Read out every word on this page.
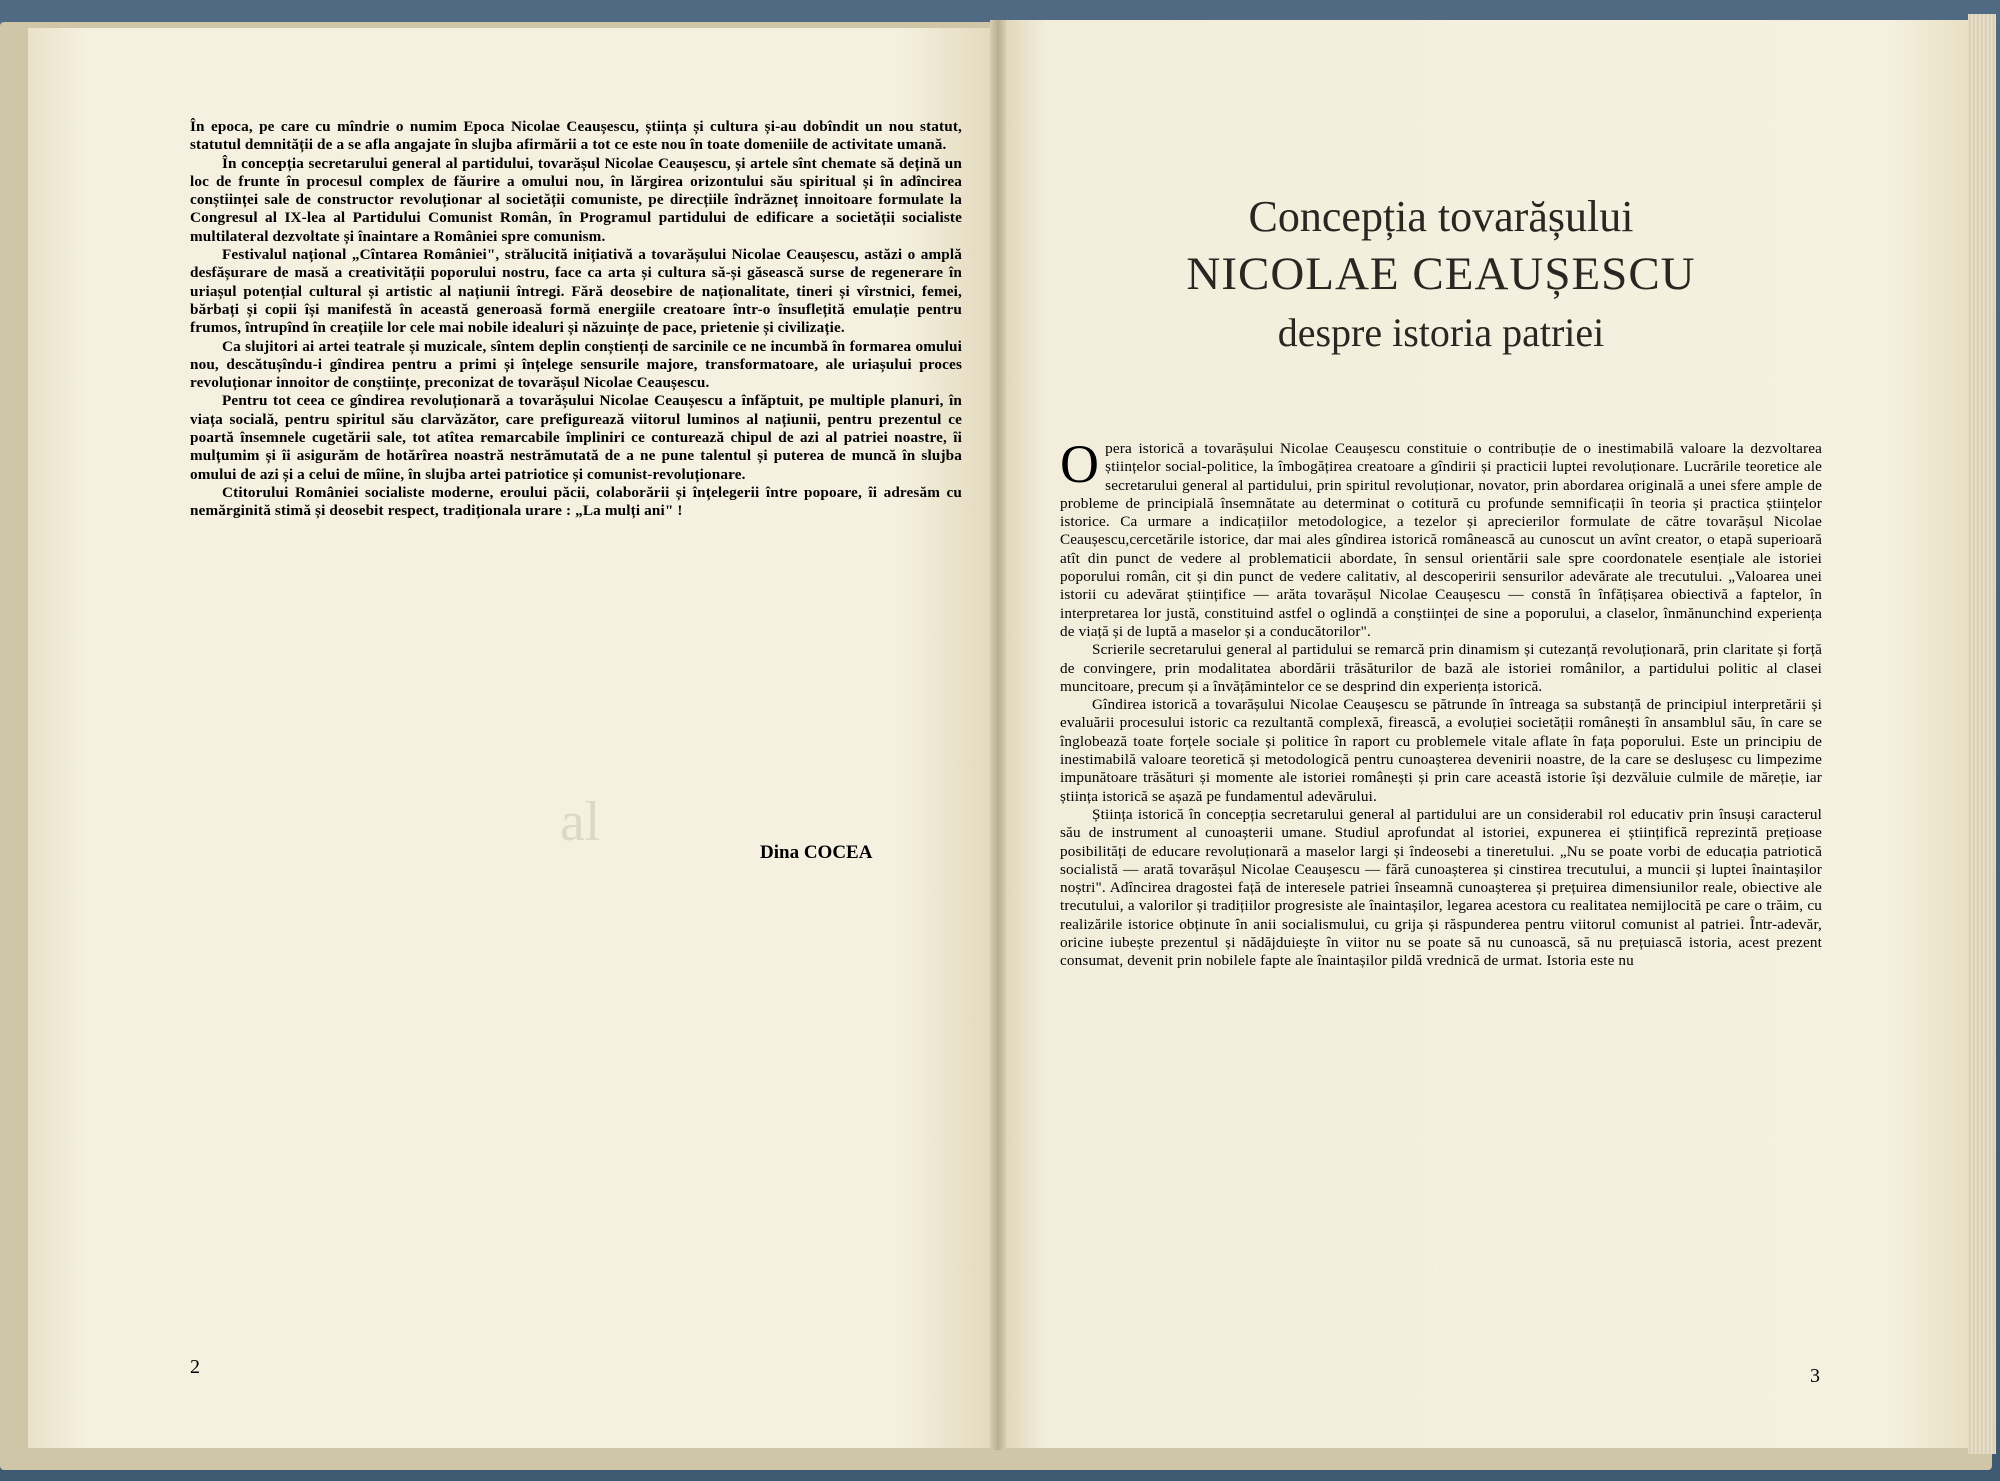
În epoca, pe care cu mîndrie o numim Epoca Nicolae Ceaușescu, știința și cultura și-au dobîndit un nou statut, statutul demnității de a se afla angajate în slujba afirmării a tot ce este nou în toate domeniile de activitate umană.

În concepția secretarului general al partidului, tovarășul Nicolae Ceaușescu, și artele sînt chemate să dețină un loc de frunte în procesul complex de făurire a omului nou, în lărgirea orizontului său spiritual și în adîncirea conștiinței sale de constructor revoluționar al societății comuniste, pe direcțiile îndrăzneț innoitoare formulate la Congresul al IX-lea al Partidului Comunist Român, în Programul partidului de edificare a societății socialiste multilateral dezvoltate și înaintare a României spre comunism.

Festivalul național „Cîntarea României", strălucită inițiativă a tovarășului Nicolae Ceaușescu, astăzi o amplă desfășurare de masă a creativității poporului nostru, face ca arta și cultura să-și găsească surse de regenerare în uriașul potențial cultural și artistic al națiunii întregi. Fără deosebire de naționalitate, tineri și vîrstnici, femei, bărbați și copii își manifestă în această generoasă formă energiile creatoare într-o însuflețită emulație pentru frumos, întrupînd în creațiile lor cele mai nobile idealuri și năzuințe de pace, prietenie și civilizație.

Ca slujitori ai artei teatrale și muzicale, sîntem deplin conștienți de sarcinile ce ne incumbă în formarea omului nou, descătușîndu-i gîndirea pentru a primi și înțelege sensurile majore, transformatoare, ale uriașului proces revoluționar innoitor de conștiințe, preconizat de tovarășul Nicolae Ceaușescu.

Pentru tot ceea ce gîndirea revoluționară a tovarășului Nicolae Ceaușescu a înfăptuit, pe multiple planuri, în viața socială, pentru spiritul său clarvăzător, care prefigurează viitorul luminos al națiunii, pentru prezentul ce poartă însemnele cugetării sale, tot atîtea remarcabile împliniri ce conturează chipul de azi al patriei noastre, îi mulțumim și îi asigurăm de hotărîrea noastră nestrămutată de a ne pune talentul și puterea de muncă în slujba omului de azi și a celui de mîine, în slujba artei patriotice și comunist-revoluționare.

Ctitorului României socialiste moderne, eroului păcii, colaborării și înțelegerii între popoare, îi adresăm cu nemărginită stimă și deosebit respect, tradiționala urare : „La mulți ani" !

Dina COCEA
2
Concepția tovarășului
NICOLAE CEAUȘESCU
despre istoria patriei

Opera istorică a tovarășului Nicolae Ceaușescu constituie o contribuție de o inestimabilă valoare la dezvoltarea științelor social-politice, la îmbogățirea creatoare a gîndirii și practicii luptei revoluționare. Lucrările teoretice ale secretarului general al partidului, prin spiritul revoluționar, novator, prin abordarea originală a unei sfere ample de probleme de principială însemnătate au determinat o cotitură cu profunde semnificații în teoria și practica științelor istorice. Ca urmare a indicațiilor metodologice, a tezelor și aprecierilor formulate de către tovarășul Nicolae Ceaușescu,cercetările istorice, dar mai ales gîndirea istorică românească au cunoscut un avînt creator, o etapă superioară atît din punct de vedere al problematicii abordate, în sensul orientării sale spre coordonatele esențiale ale istoriei poporului român, cit și din punct de vedere calitativ, al descoperirii sensurilor adevărate ale trecutului. „Valoarea unei istorii cu adevărat științifice — arăta tovarășul Nicolae Ceaușescu — constă în înfățișarea obiectivă a faptelor, în interpretarea lor justă, constituind astfel o oglindă a conștiinței de sine a poporului, a claselor, înmănunchind experiența de viață și de luptă a maselor și a conducătorilor".

Scrierile secretarului general al partidului se remarcă prin dinamism și cutezanță revoluționară, prin claritate și forță de convingere, prin modalitatea abordării trăsăturilor de bază ale istoriei românilor, a partidului politic al clasei muncitoare, precum și a învățămintelor ce se desprind din experiența istorică.

Gîndirea istorică a tovarășului Nicolae Ceaușescu se pătrunde în întreaga sa substanță de principiul interpretării și evaluării procesului istoric ca rezultantă complexă, firească, a evoluției societății românești în ansamblul său, în care se înglobează toate forțele sociale și politice în raport cu problemele vitale aflate în fața poporului. Este un principiu de inestimabilă valoare teoretică și metodologică pentru cunoașterea devenirii noastre, de la care se deslușesc cu limpezime impunătoare trăsături și momente ale istoriei românești și prin care această istorie își dezvăluie culmile de măreție, iar știința istorică se așază pe fundamentul adevărului.

Știința istorică în concepția secretarului general al partidului are un considerabil rol educativ prin însuși caracterul său de instrument al cunoașterii umane. Studiul aprofundat al istoriei, expunerea ei științifică reprezintă prețioase posibilități de educare revoluționară a maselor largi și îndeosebi a tineretului. „Nu se poate vorbi de educația patriotică socialistă — arată tovarășul Nicolae Ceaușescu — fără cunoașterea și cinstirea trecutului, a muncii și luptei înaintașilor noștri". Adîncirea dragostei față de interesele patriei înseamnă cunoașterea și prețuirea dimensiunilor reale, obiective ale trecutului, a valorilor și tradițiilor progresiste ale înaintașilor, legarea acestora cu realitatea nemijlocită pe care o trăim, cu realizările istorice obținute în anii socialismului, cu grija și răspunderea pentru viitorul comunist al patriei. Într-adevăr, oricine iubește prezentul și nădăjduiește în viitor nu se poate să nu cunoască, să nu prețuiască istoria, acest prezent consumat, devenit prin nobilele fapte ale înaintașilor pildă vrednică de urmat. Istoria este nu

3
